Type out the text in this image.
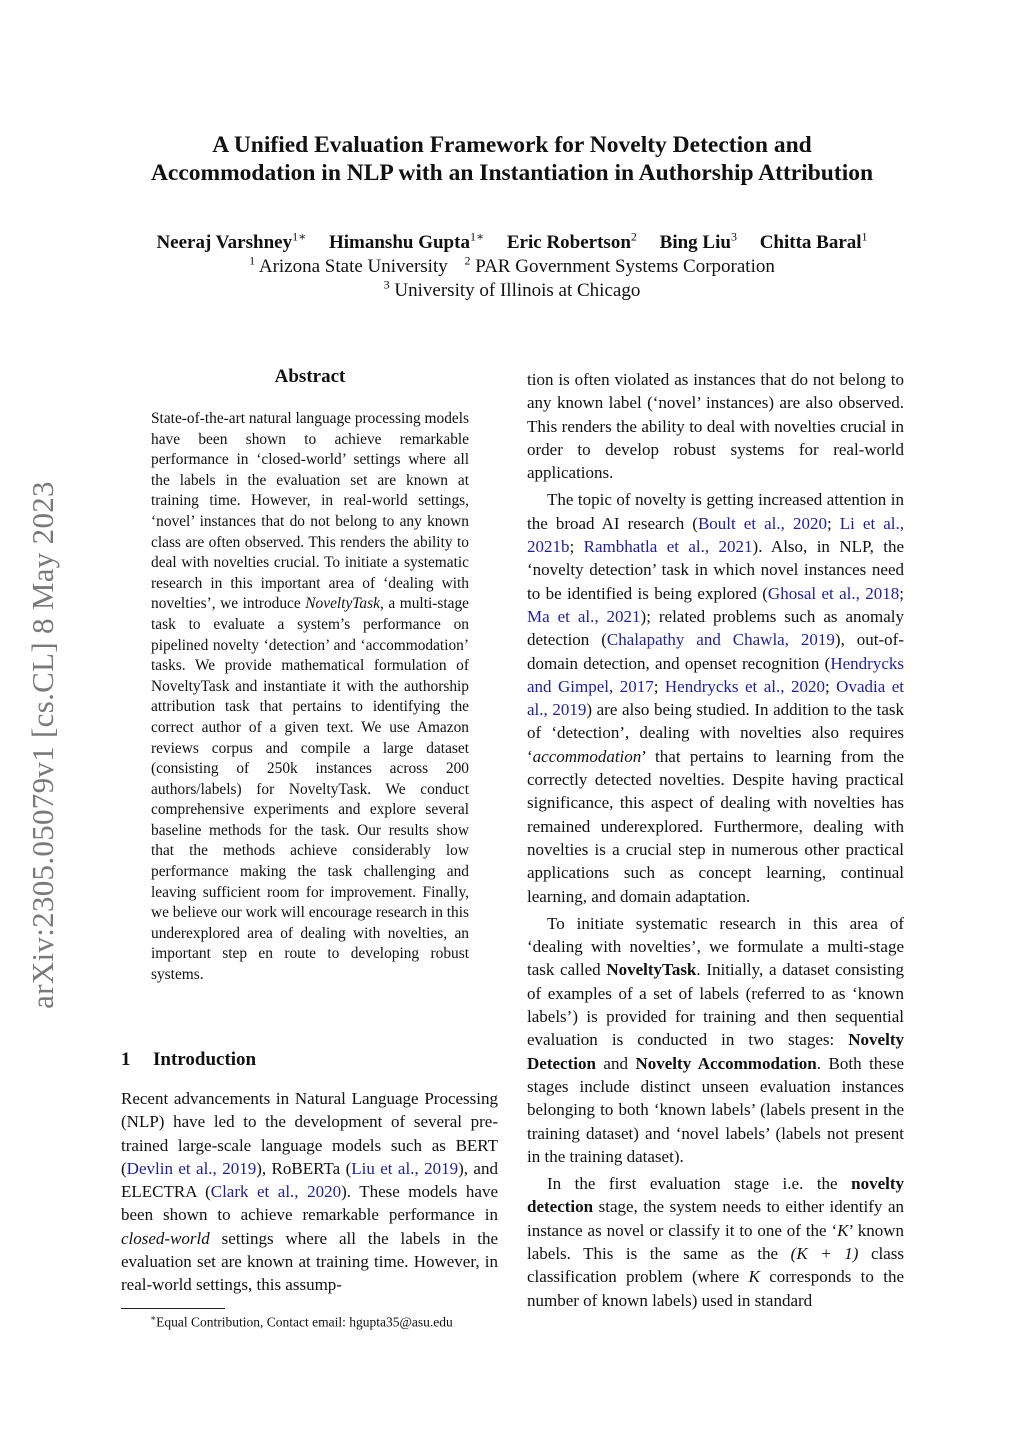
arXiv:2305.05079v1 [cs.CL] 8 May 2023
A Unified Evaluation Framework for Novelty Detection and
Accommodation in NLP with an Instantiation in Authorship Attribution
Neeraj Varshney$^{1∗}$ Himanshu Gupta$^{1∗}$ Eric Robertson$^2$ Bing Liu$^3$ Chitta Baral$^1$
$^1$ Arizona State University $^2$ PAR Government Systems Corporation
$^3$ University of Illinois at Chicago
Abstract
State-of-the-art natural language processing models have been shown to achieve remarkable performance in ‘closed-world’ settings where all the labels in the evaluation set are known at training time. However, in real-world settings, ‘novel’ instances that do not belong to any known class are often observed. This renders the ability to deal with novelties crucial. To initiate a systematic research in this important area of ‘dealing with novelties’, we introduce NoveltyTask, a multi-stage task to evaluate a system’s performance on pipelined novelty ‘detection’ and ‘accommodation’ tasks. We provide mathematical formulation of NoveltyTask and instantiate it with the authorship attribution task that pertains to identifying the correct author of a given text. We use Amazon reviews corpus and compile a large dataset (consisting of 250k instances across 200 authors/labels) for NoveltyTask. We conduct comprehensive experiments and explore several baseline methods for the task. Our results show that the methods achieve considerably low performance making the task challenging and leaving sufficient room for improvement. Finally, we believe our work will encourage research in this underexplored area of dealing with novelties, an important step en route to developing robust systems.
1 Introduction
Recent advancements in Natural Language Processing (NLP) have led to the development of several pre-trained large-scale language models such as BERT (Devlin et al., 2019), RoBERTa (Liu et al., 2019), and ELECTRA (Clark et al., 2020). These models have been shown to achieve remarkable performance in closed-world settings where all the labels in the evaluation set are known at training time. However, in real-world settings, this assump-
∗Equal Contribution, Contact email: hgupta35@asu.edu

tion is often violated as instances that do not belong to any known label (‘novel’ instances) are also observed. This renders the ability to deal with novelties crucial in order to develop robust systems for real-world applications.

The topic of novelty is getting increased attention in the broad AI research (Boult et al., 2020; Li et al., 2021b; Rambhatla et al., 2021). Also, in NLP, the ‘novelty detection’ task in which novel instances need to be identified is being explored (Ghosal et al., 2018; Ma et al., 2021); related problems such as anomaly detection (Chalapathy and Chawla, 2019), out-of-domain detection, and openset recognition (Hendrycks and Gimpel, 2017; Hendrycks et al., 2020; Ovadia et al., 2019) are also being studied. In addition to the task of ‘detection’, dealing with novelties also requires ‘accommodation’ that pertains to learning from the correctly detected novelties. Despite having practical significance, this aspect of dealing with novelties has remained underexplored. Furthermore, dealing with novelties is a crucial step in numerous other practical applications such as concept learning, continual learning, and domain adaptation.

To initiate systematic research in this area of ‘dealing with novelties’, we formulate a multi-stage task called NoveltyTask. Initially, a dataset consisting of examples of a set of labels (referred to as ‘known labels’) is provided for training and then sequential evaluation is conducted in two stages: Novelty Detection and Novelty Accommodation. Both these stages include distinct unseen evaluation instances belonging to both ‘known labels’ (labels present in the training dataset) and ‘novel labels’ (labels not present in the training dataset).

In the first evaluation stage i.e. the novelty detection stage, the system needs to either identify an instance as novel or classify it to one of the ‘K’ known labels. This is the same as the (K + 1) class classification problem (where K corresponds to the number of known labels) used in standard
